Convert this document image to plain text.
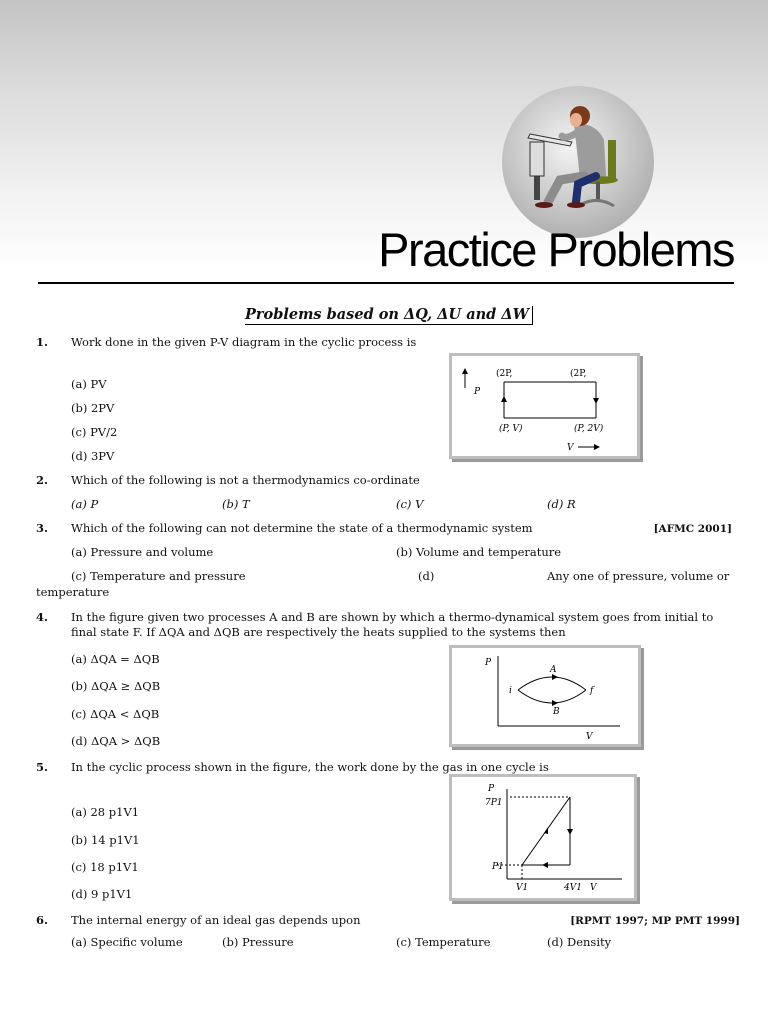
Practice Problems
Problems based on ΔQ, ΔU and ΔW
1. Work done in the given P-V diagram in the cyclic process is
(a) PV
(b) 2PV
(c) PV/2
(d) 3PV
P
(2P,	(2P,
(P, V)	(P, 2V)
V
2. Which of the following is not a thermodynamics co-ordinate
(a) P	(b) T	(c) V	(d) R
3. Which of the following can not determine the state of a thermodynamic system	[AFMC 2001]
(a) Pressure and volume	(b) Volume and temperature
(c) Temperature and pressure	(d)	Any one of pressure, volume or
temperature
4. In the figure given two processes A and B are shown by which a thermo-dynamical system goes from initial to
final state F. If ΔQA and ΔQB are respectively the heats supplied to the systems then
(a) ΔQA = ΔQB
(b) ΔQA ≥ ΔQB
(c) ΔQA < ΔQB
(d) ΔQA > ΔQB
P
V
A
B
i	f
5. In the cyclic process shown in the figure, the work done by the gas in one cycle is
(a) 28 p1V1
(b) 14 p1V1
(c) 18 p1V1
(d) 9 p1V1
P
7P1
P1
V1	4V1 V
6. The internal energy of an ideal gas depends upon	[RPMT 1997; MP PMT 1999]
(a) Specific volume	(b) Pressure	(c) Temperature	(d) Density
